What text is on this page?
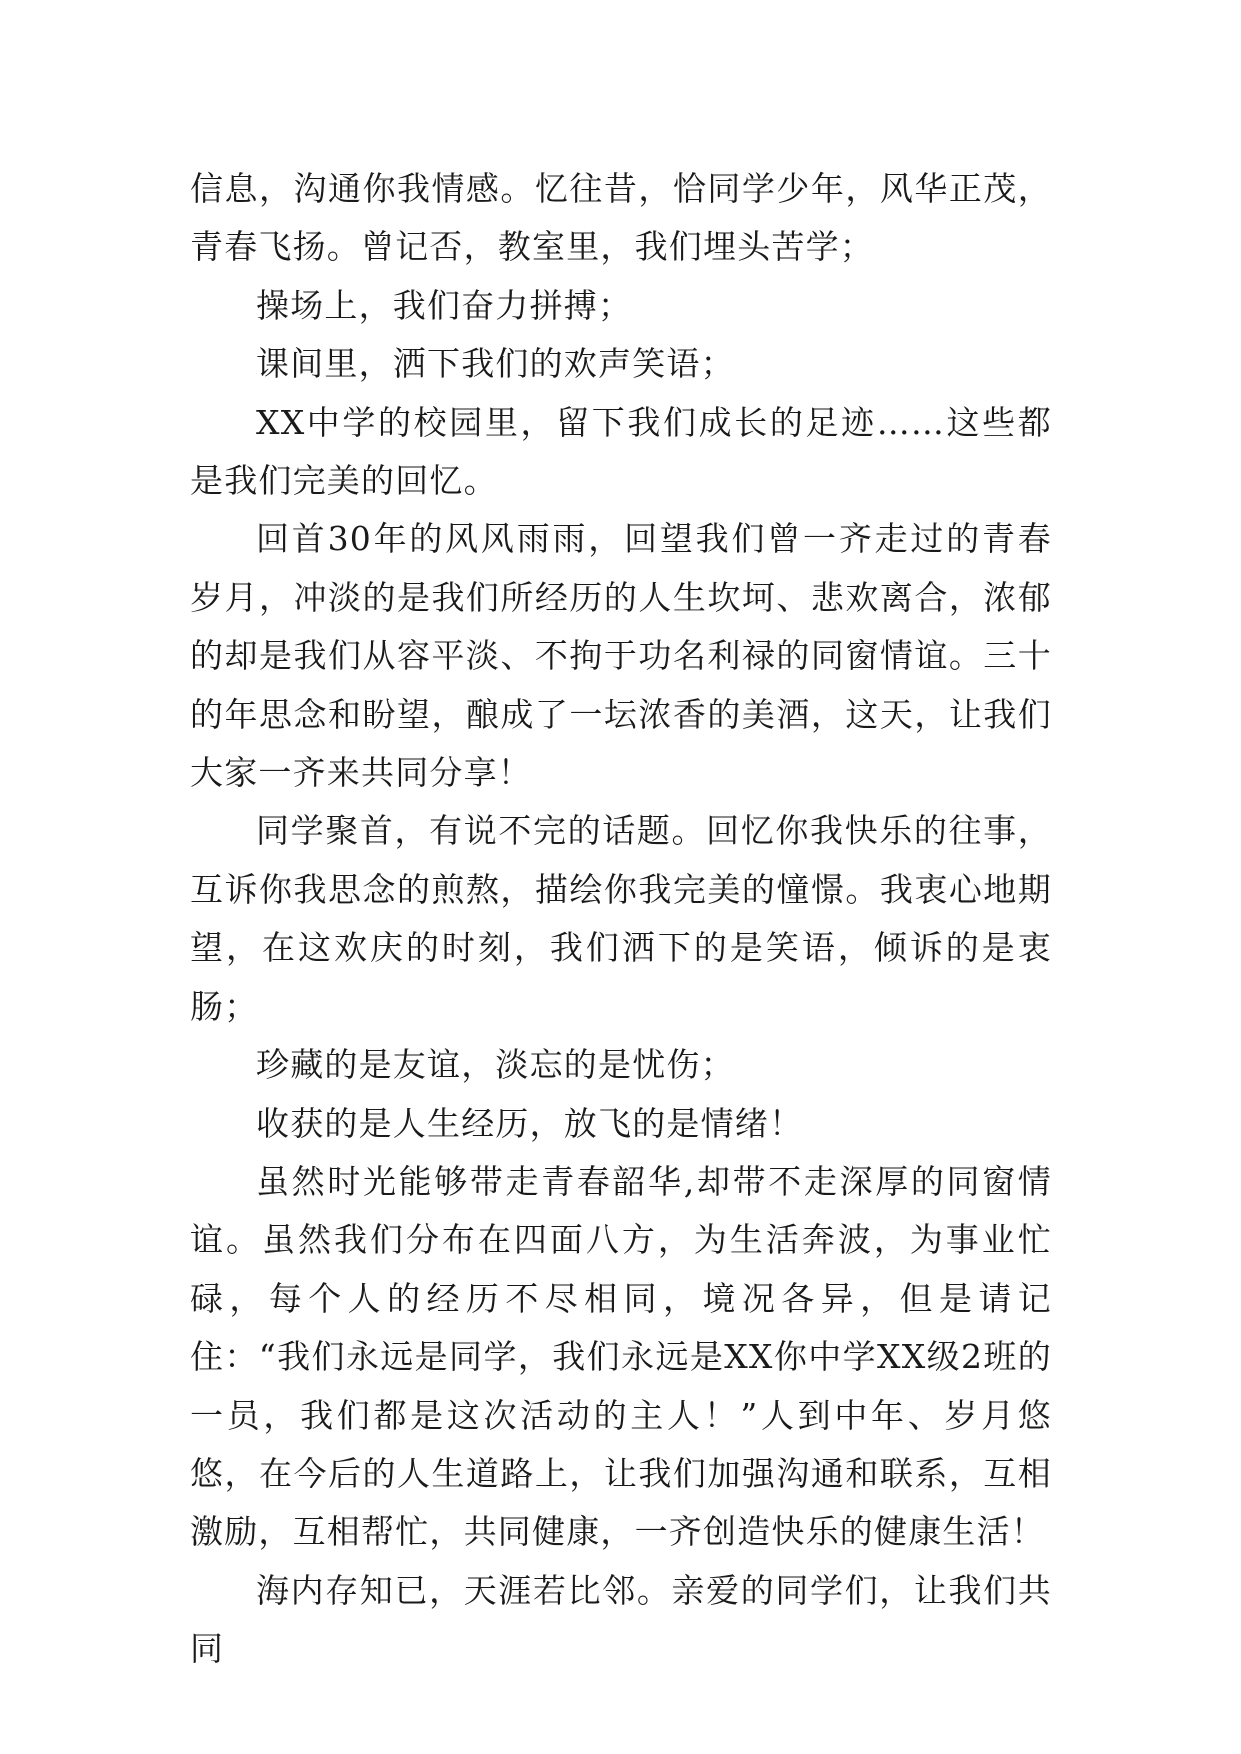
信息，沟通你我情感。忆往昔，恰同学少年，风华正茂，青春飞扬。曾记否，教室里，我们埋头苦学；

操场上，我们奋力拼搏；

课间里，洒下我们的欢声笑语；

XX中学的校园里，留下我们成长的足迹……这些都是我们完美的回忆。

回首30年的风风雨雨，回望我们曾一齐走过的青春岁月，冲淡的是我们所经历的人生坎坷、悲欢离合，浓郁的却是我们从容平淡、不拘于功名利禄的同窗情谊。三十的年思念和盼望，酿成了一坛浓香的美酒，这天，让我们大家一齐来共同分享！

同学聚首，有说不完的话题。回忆你我快乐的往事，互诉你我思念的煎熬，描绘你我完美的憧憬。我衷心地期望，在这欢庆的时刻，我们洒下的是笑语，倾诉的是衷肠；

珍藏的是友谊，淡忘的是忧伤；

收获的是人生经历，放飞的是情绪！

虽然时光能够带走青春韶华,却带不走深厚的同窗情谊。虽然我们分布在四面八方，为生活奔波，为事业忙碌，每个人的经历不尽相同，境况各异，但是请记住：“我们永远是同学，我们永远是XX你中学XX级2班的一员，我们都是这次活动的主人！”人到中年、岁月悠悠，在今后的人生道路上，让我们加强沟通和联系，互相激励，互相帮忙，共同健康，一齐创造快乐的健康生活！

海内存知已，天涯若比邻。亲爱的同学们，让我们共同
